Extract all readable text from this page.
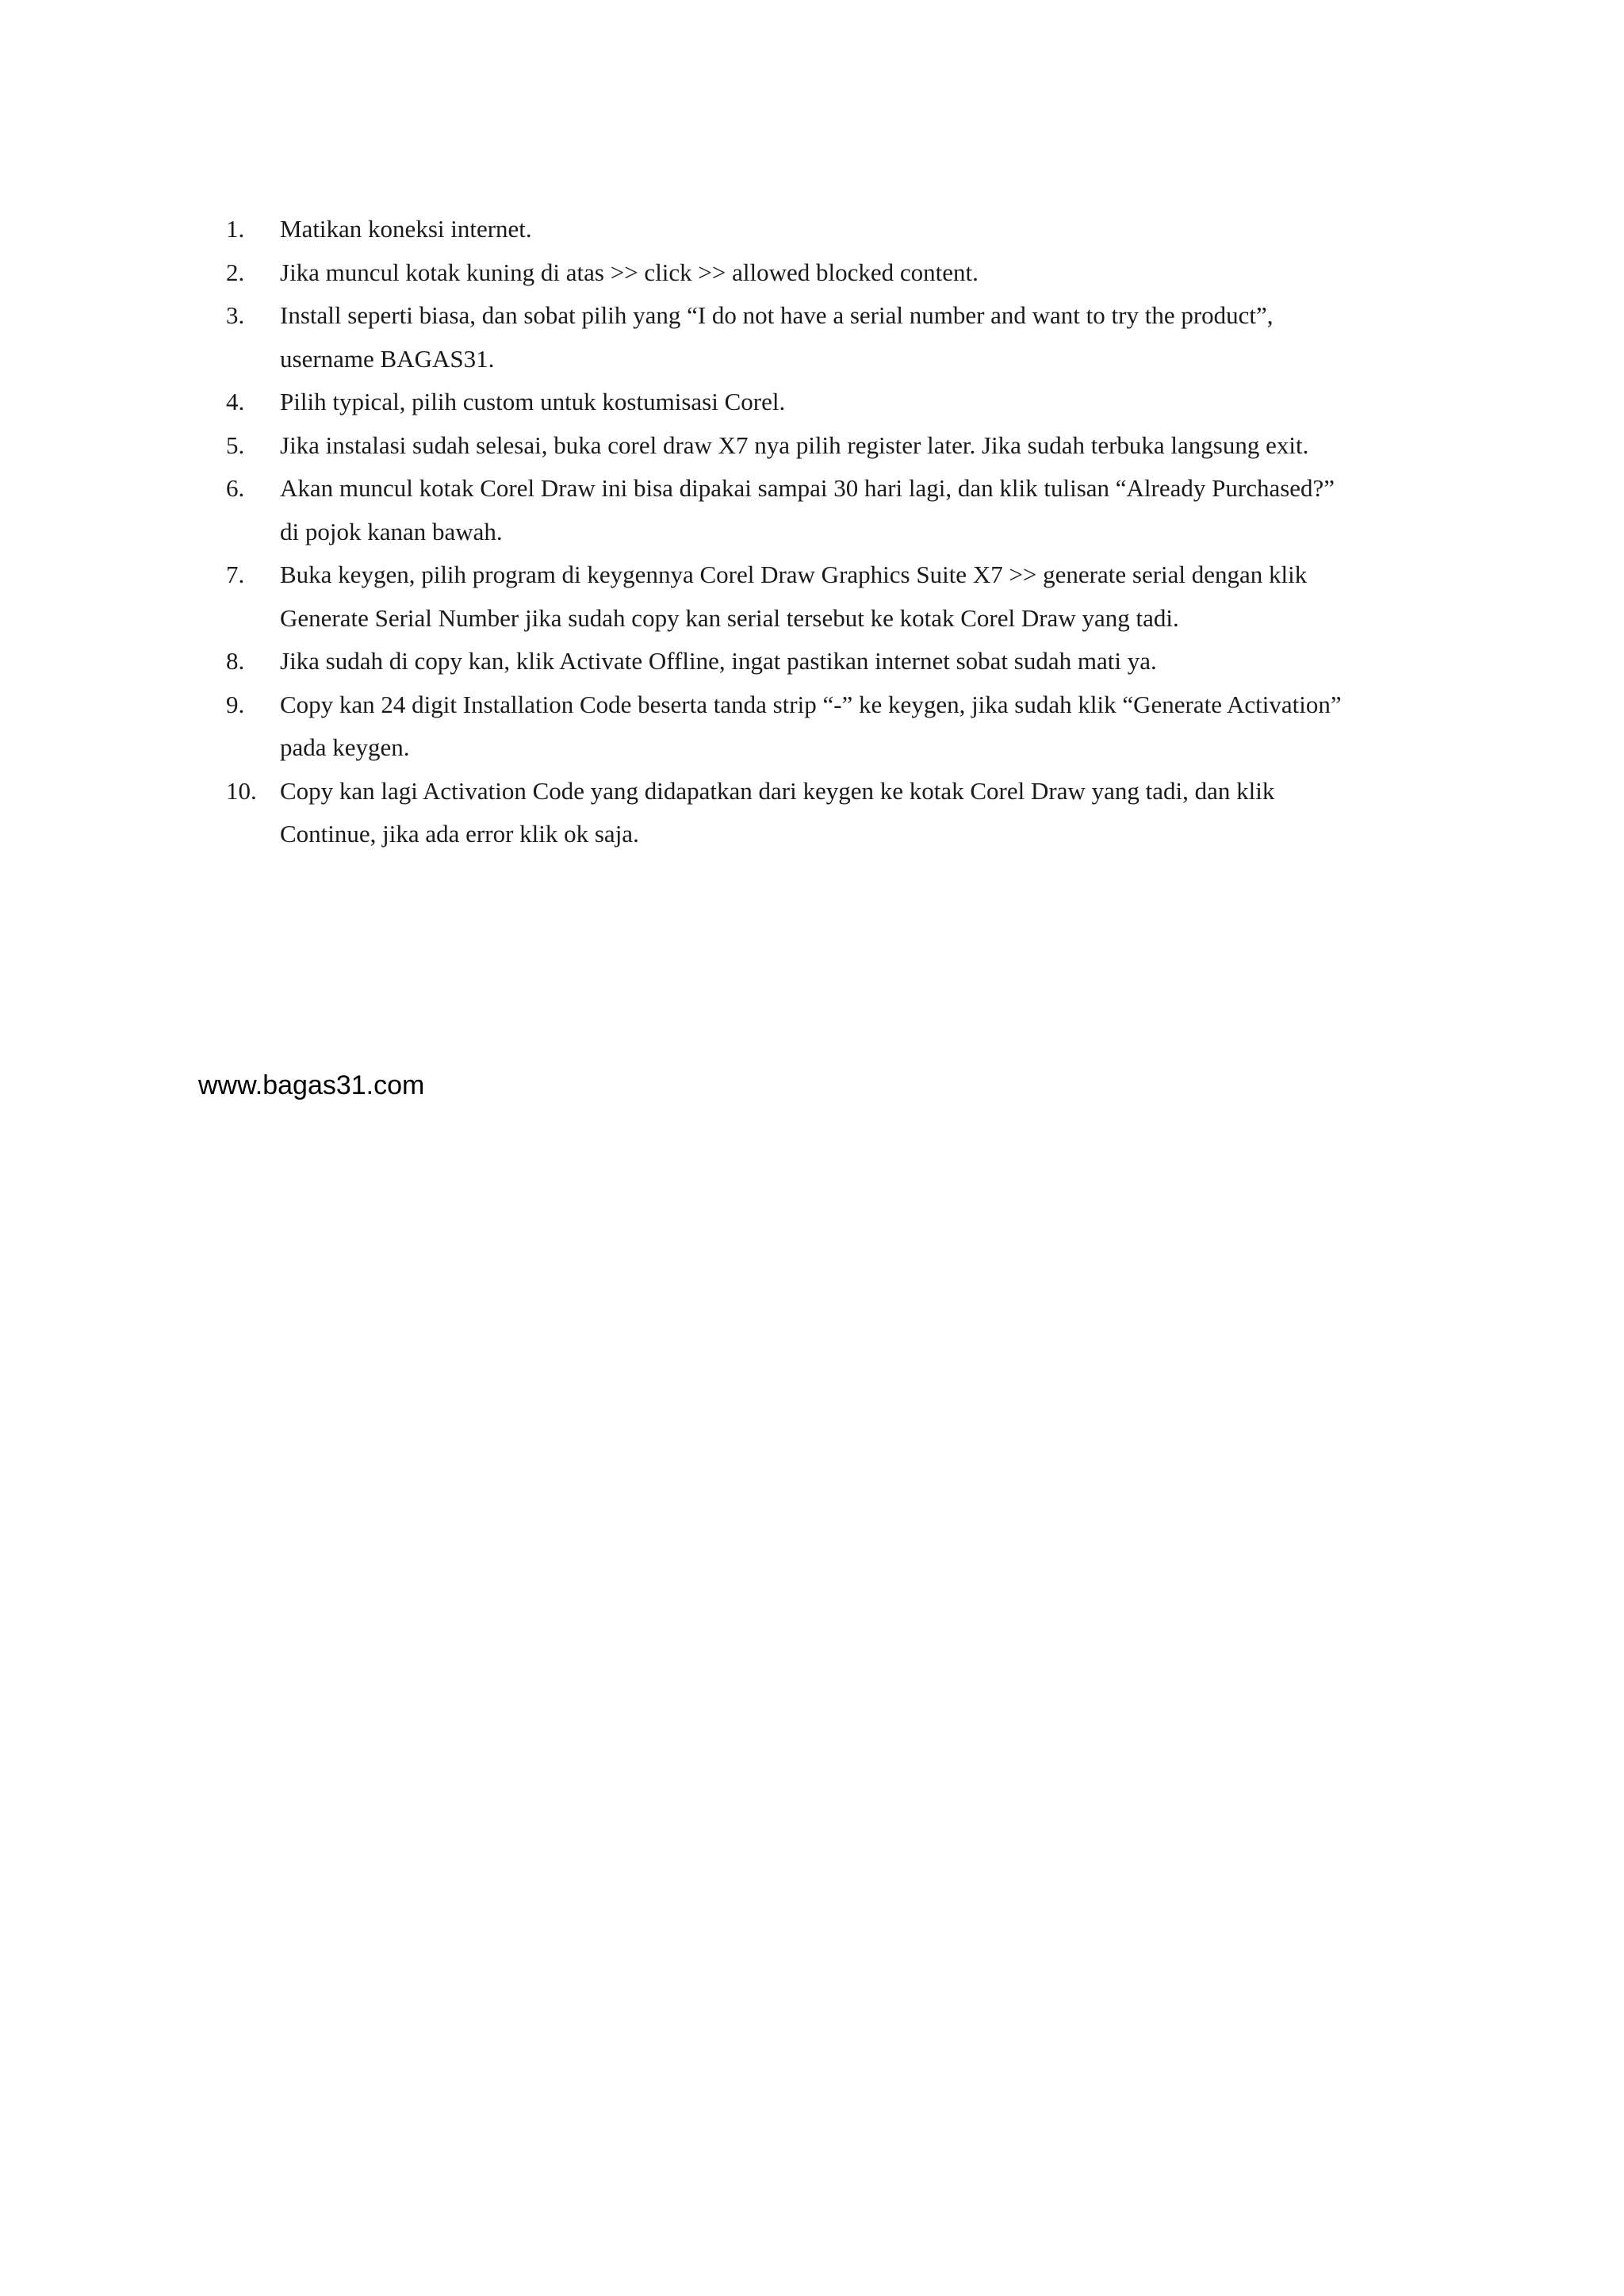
1.	Matikan koneksi internet.
2.	Jika muncul kotak kuning di atas >> click >> allowed blocked content.
3.	Install seperti biasa, dan sobat pilih yang “I do not have a serial number and want to try the product”, username BAGAS31.
4.	Pilih typical, pilih custom untuk kostumisasi Corel.
5.	Jika instalasi sudah selesai, buka corel draw X7 nya pilih register later. Jika sudah terbuka langsung exit.
6.	Akan muncul kotak Corel Draw ini bisa dipakai sampai 30 hari lagi, dan klik tulisan “Already Purchased?” di pojok kanan bawah.
7.	Buka keygen, pilih program di keygennya Corel Draw Graphics Suite X7 >> generate serial dengan klik Generate Serial Number jika sudah copy kan serial tersebut ke kotak Corel Draw yang tadi.
8.	Jika sudah di copy kan, klik Activate Offline, ingat pastikan internet sobat sudah mati ya.
9.	Copy kan 24 digit Installation Code beserta tanda strip “-” ke keygen, jika sudah klik “Generate Activation” pada keygen.
10. Copy kan lagi Activation Code yang didapatkan dari keygen ke kotak Corel Draw yang tadi, dan klik Continue, jika ada error klik ok saja.
www.bagas31.com
